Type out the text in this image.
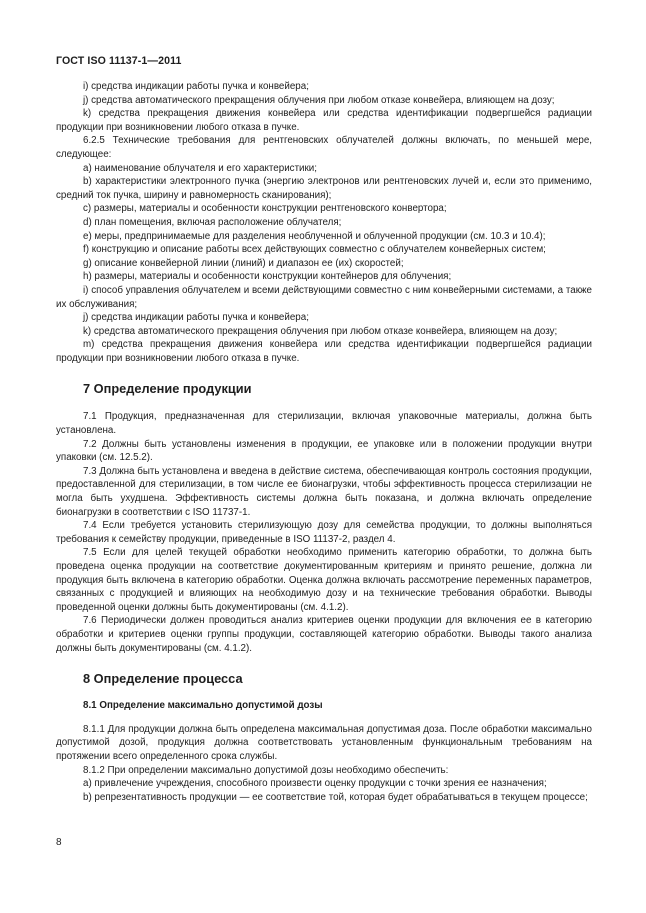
ГОСТ ISO 11137-1—2011

i) средства индикации работы пучка и конвейера;

j) средства автоматического прекращения облучения при любом отказе конвейера, влияющем на дозу;

k) средства прекращения движения конвейера или средства идентификации подвергшейся радиации продукции при возникновении любого отказа в пучке.

6.2.5 Технические требования для рентгеновских облучателей должны включать, по меньшей мере, следующее:

a) наименование облучателя и его характеристики;

b) характеристики электронного пучка (энергию электронов или рентгеновских лучей и, если это применимо, средний ток пучка, ширину и равномерность сканирования);

c) размеры, материалы и особенности конструкции рентгеновского конвертора;

d) план помещения, включая расположение облучателя;

e) меры, предпринимаемые для разделения необлученной и облученной продукции (см. 10.3 и 10.4);

f) конструкцию и описание работы всех действующих совместно с облучателем конвейерных систем;

g) описание конвейерной линии (линий) и диапазон ее (их) скоростей;

h) размеры, материалы и особенности конструкции контейнеров для облучения;

i) способ управления облучателем и всеми действующими совместно с ним конвейерными системами, а также их обслуживания;

j) средства индикации работы пучка и конвейера;

k) средства автоматического прекращения облучения при любом отказе конвейера, влияющем на дозу;

m) средства прекращения движения конвейера или средства идентификации подвергшейся радиации продукции при возникновении любого отказа в пучке.

7 Определение продукции

7.1 Продукция, предназначенная для стерилизации, включая упаковочные материалы, должна быть установлена.

7.2 Должны быть установлены изменения в продукции, ее упаковке или в положении продукции внутри упаковки (см. 12.5.2).

7.3 Должна быть установлена и введена в действие система, обеспечивающая контроль состояния продукции, предоставленной для стерилизации, в том числе ее бионагрузки, чтобы эффективность процесса стерилизации не могла быть ухудшена. Эффективность системы должна быть показана, и должна включать определение бионагрузки в соответствии с ISO 11737-1.

7.4 Если требуется установить стерилизующую дозу для семейства продукции, то должны выполняться требования к семейству продукции, приведенные в ISO 11137-2, раздел 4.

7.5 Если для целей текущей обработки необходимо применить категорию обработки, то должна быть проведена оценка продукции на соответствие документированным критериям и принято решение, должна ли продукция быть включена в категорию обработки. Оценка должна включать рассмотрение переменных параметров, связанных с продукцией и влияющих на необходимую дозу и на технические требования обработки. Выводы проведенной оценки должны быть документированы (см. 4.1.2).

7.6 Периодически должен проводиться анализ критериев оценки продукции для включения ее в категорию обработки и критериев оценки группы продукции, составляющей категорию обработки. Выводы такого анализа должны быть документированы (см. 4.1.2).

8 Определение процесса
8.1 Определение максимально допустимой дозы

8.1.1 Для продукции должна быть определена максимальная допустимая доза. После обработки максимально допустимой дозой, продукция должна соответствовать установленным функциональным требованиям на протяжении всего определенного срока службы.

8.1.2 При определении максимально допустимой дозы необходимо обеспечить:

a) привлечение учреждения, способного произвести оценку продукции с точки зрения ее назначения;

b) репрезентативность продукции — ее соответствие той, которая будет обрабатываться в текущем процессе;

8
